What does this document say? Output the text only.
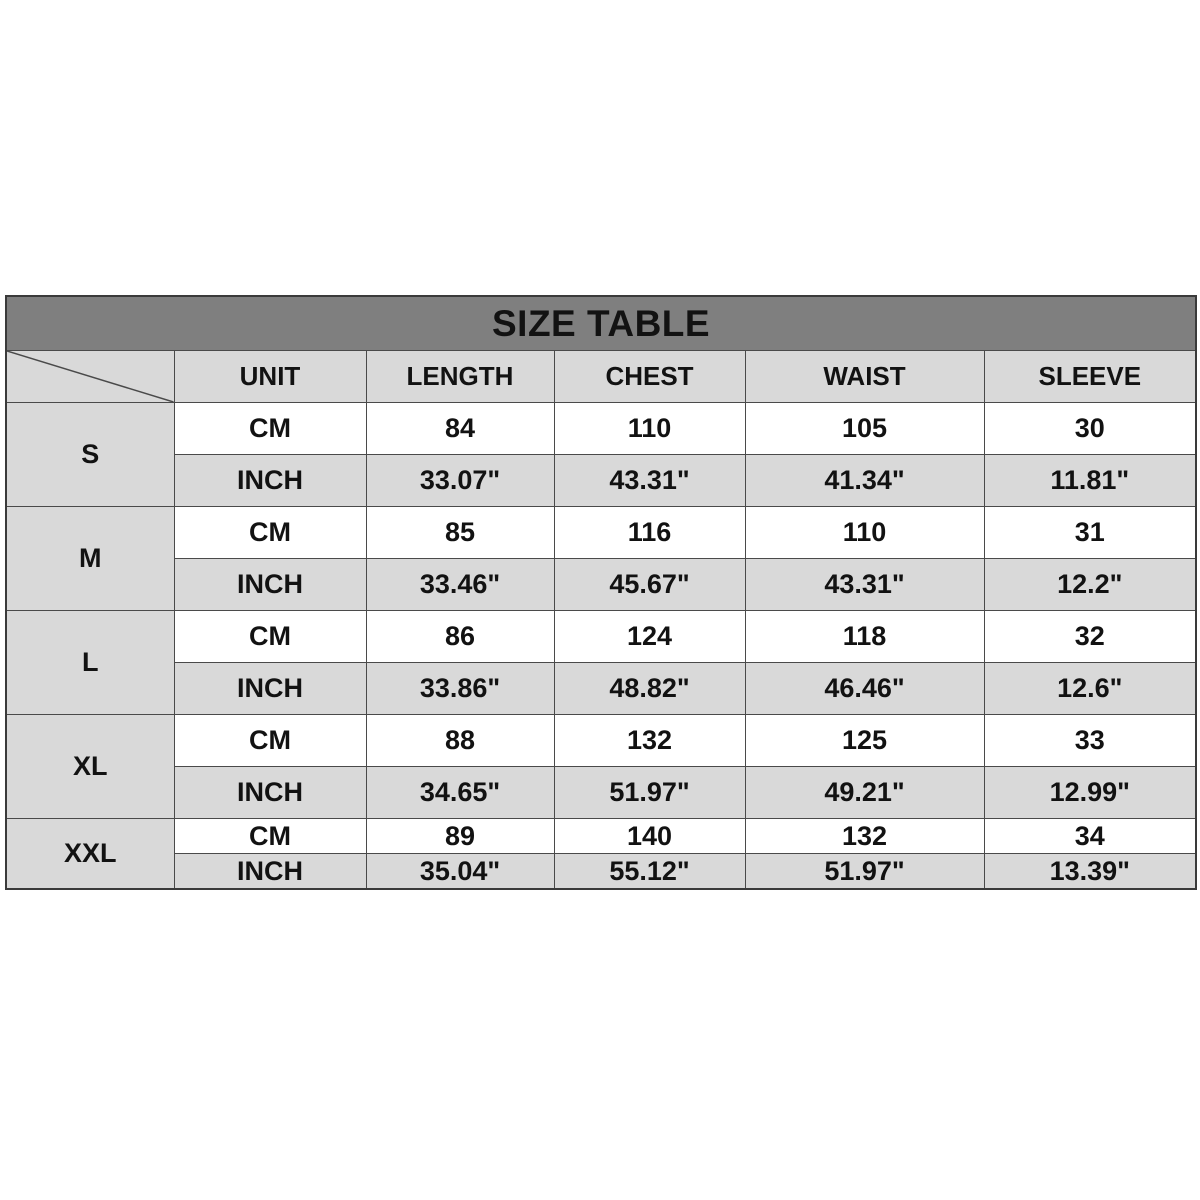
SIZE TABLE					

	UNIT	LENGTH	CHEST	WAIST	SLEEVE
S	CM	84	110	105	30
	INCH	33.07"	43.31"	41.34"	11.81"
M	CM	85	116	110	31
	INCH	33.46"	45.67"	43.31"	12.2"
L	CM	86	124	118	32
	INCH	33.86"	48.82"	46.46"	12.6"
XL	CM	88	132	125	33
	INCH	34.65"	51.97"	49.21"	12.99"
XXL	CM	89	140	132	34
	INCH	35.04"	55.12"	51.97"	13.39"
